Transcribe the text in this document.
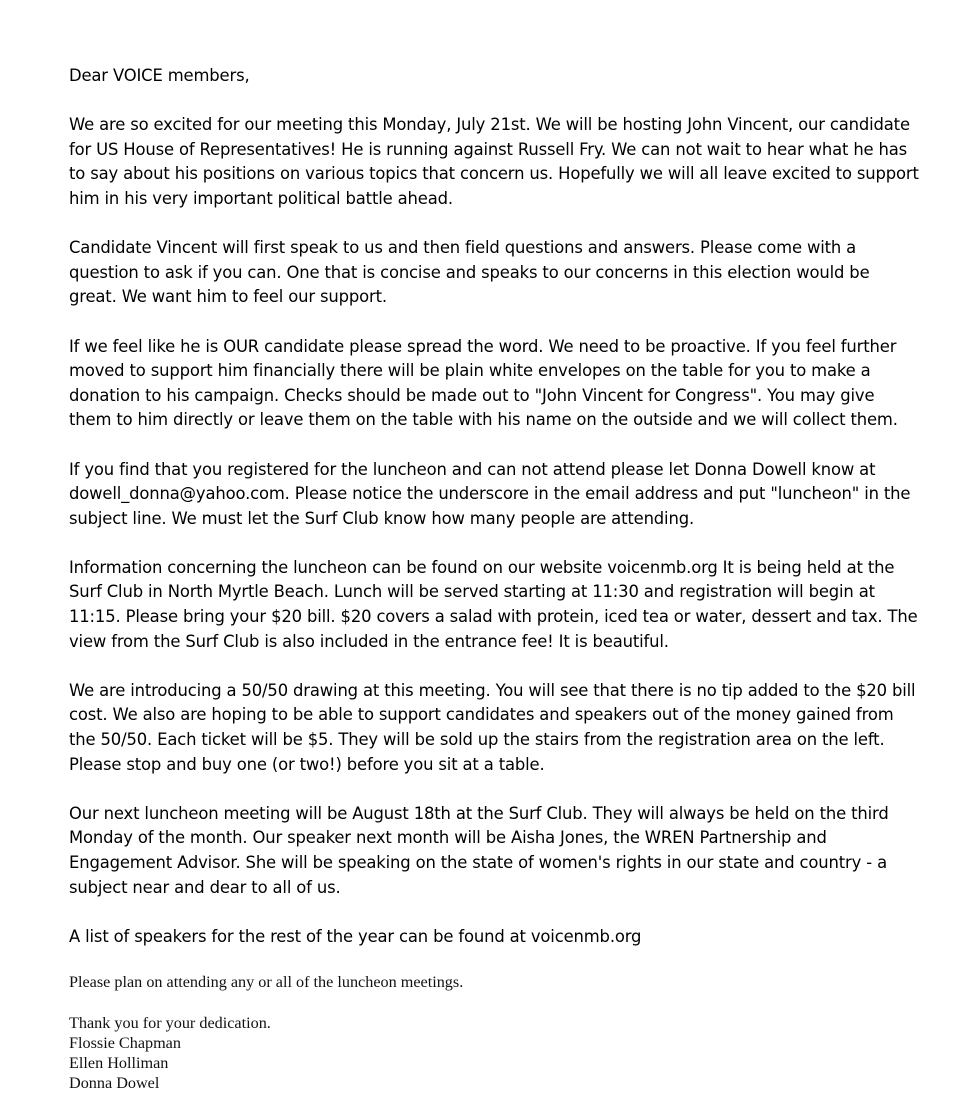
Dear VOICE members,

We are so excited for our meeting this Monday, July 21st. We will be hosting John Vincent, our candidate for US House of Representatives! He is running against Russell Fry. We can not wait to hear what he has to say about his positions on various topics that concern us. Hopefully we will all leave excited to support him in his very important political battle ahead.

Candidate Vincent will first speak to us and then field questions and answers. Please come with a question to ask if you can. One that is concise and speaks to our concerns in this election would be great. We want him to feel our support.

If we feel like he is OUR candidate please spread the word. We need to be proactive. If you feel further moved to support him financially there will be plain white envelopes on the table for you to make a donation to his campaign. Checks should be made out to "John Vincent for Congress". You may give them to him directly or leave them on the table with his name on the outside and we will collect them.

If you find that you registered for the luncheon and can not attend please let Donna Dowell know at dowell_donna@yahoo.com. Please notice the underscore in the email address and put "luncheon" in the subject line. We must let the Surf Club know how many people are attending.

Information concerning the luncheon can be found on our website voicenmb.org It is being held at the Surf Club in North Myrtle Beach. Lunch will be served starting at 11:30 and registration will begin at 11:15. Please bring your $20 bill. $20 covers a salad with protein, iced tea or water, dessert and tax. The view from the Surf Club is also included in the entrance fee! It is beautiful.

We are introducing a 50/50 drawing at this meeting. You will see that there is no tip added to the $20 bill cost. We also are hoping to be able to support candidates and speakers out of the money gained from the 50/50. Each ticket will be $5. They will be sold up the stairs from the registration area on the left. Please stop and buy one (or two!) before you sit at a table.

Our next luncheon meeting will be August 18th at the Surf Club. They will always be held on the third Monday of the month. Our speaker next month will be Aisha Jones, the WREN Partnership and Engagement Advisor. She will be speaking on the state of women's rights in our state and country - a subject near and dear to all of us.

A list of speakers for the rest of the year can be found at voicenmb.org

Please plan on attending any or all of the luncheon meetings.

Thank you for your dedication.

Flossie Chapman

Ellen Holliman

Donna Dowel
